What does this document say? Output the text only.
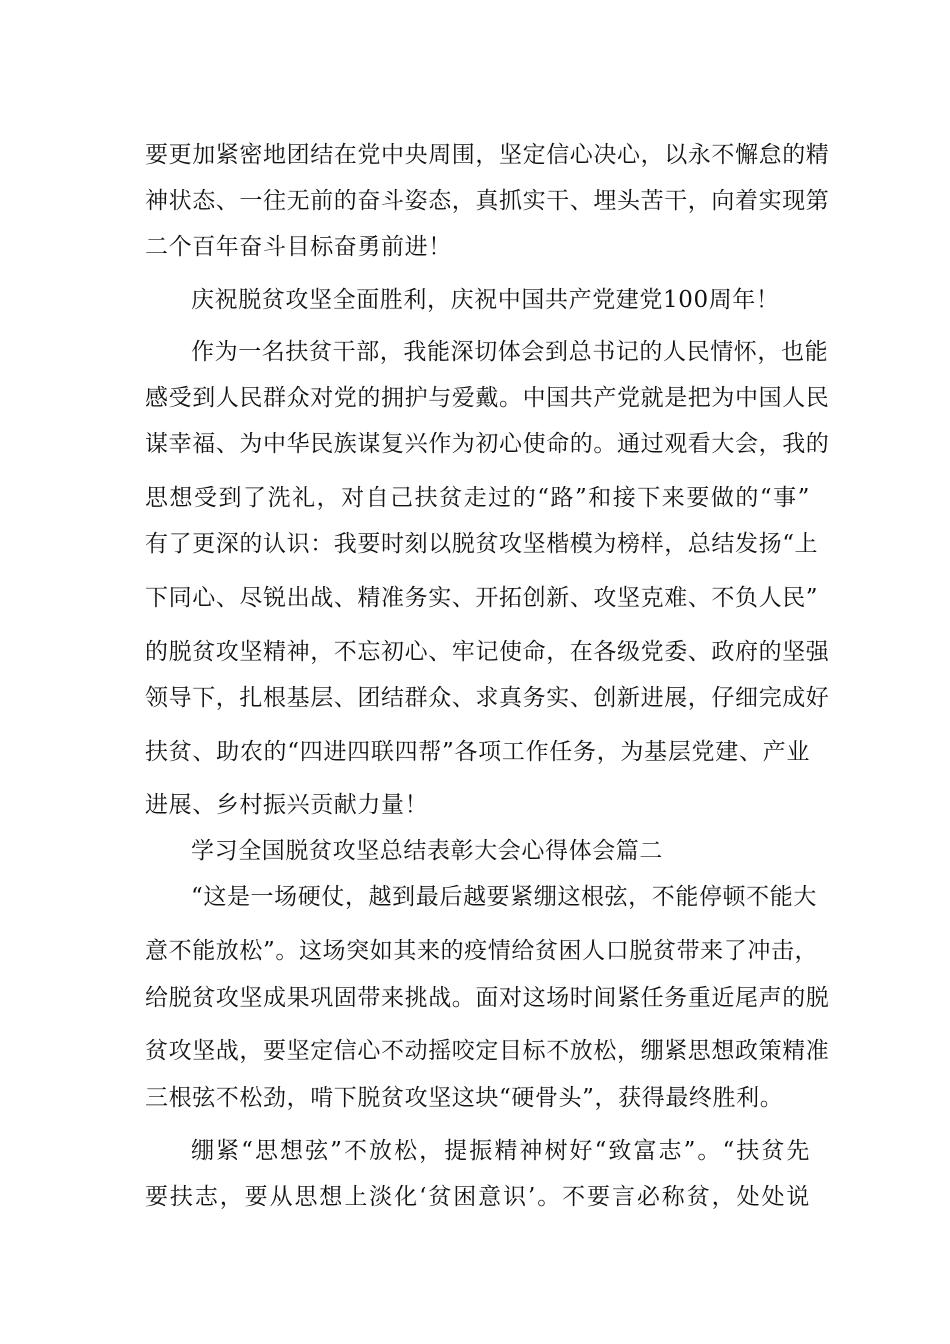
要更加紧密地团结在党中央周围，坚定信心决心，以永不懈怠的精

神状态、一往无前的奋斗姿态，真抓实干、埋头苦干，向着实现第

二个百年奋斗目标奋勇前进！

庆祝脱贫攻坚全面胜利，庆祝中国共产党建党100周年！

作为一名扶贫干部，我能深切体会到总书记的人民情怀，也能

感受到人民群众对党的拥护与爱戴。中国共产党就是把为中国人民

谋幸福、为中华民族谋复兴作为初心使命的。通过观看大会，我的

思想受到了洗礼，对自己扶贫走过的“路”和接下来要做的“事”

有了更深的认识：我要时刻以脱贫攻坚楷模为榜样，总结发扬“上

下同心、尽锐出战、精准务实、开拓创新、攻坚克难、不负人民”

的脱贫攻坚精神，不忘初心、牢记使命，在各级党委、政府的坚强

领导下，扎根基层、团结群众、求真务实、创新进展，仔细完成好

扶贫、助农的“四进四联四帮”各项工作任务，为基层党建、产业

进展、乡村振兴贡献力量！

学习全国脱贫攻坚总结表彰大会心得体会篇二

“这是一场硬仗，越到最后越要紧绷这根弦，不能停顿不能大

意不能放松”。这场突如其来的疫情给贫困人口脱贫带来了冲击，

给脱贫攻坚成果巩固带来挑战。面对这场时间紧任务重近尾声的脱

贫攻坚战，要坚定信心不动摇咬定目标不放松，绷紧思想政策精准

三根弦不松劲，啃下脱贫攻坚这块“硬骨头”，获得最终胜利。

绷紧“思想弦”不放松，提振精神树好“致富志”。“扶贫先

要扶志，要从思想上淡化‘贫困意识’。不要言必称贫，处处说
